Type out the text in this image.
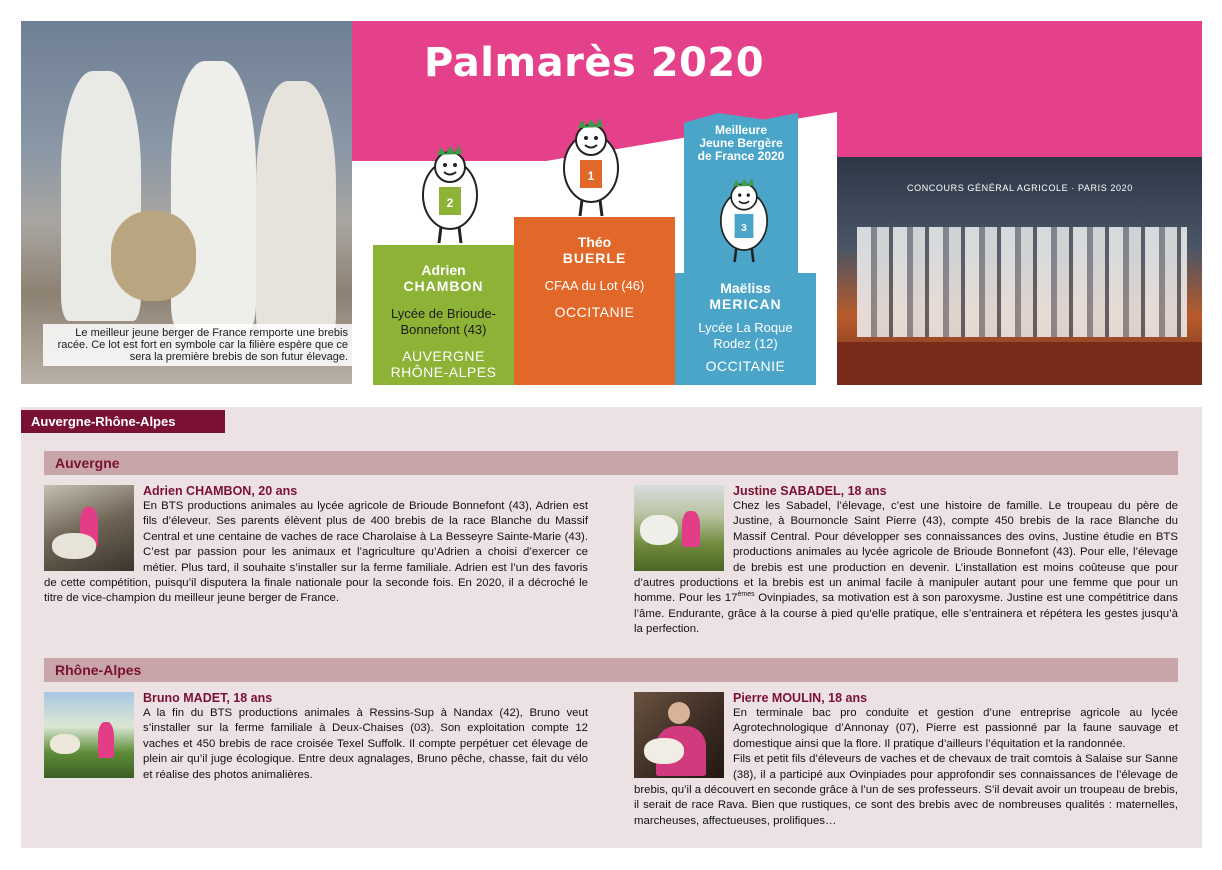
Le meilleur jeune berger de France remporte une brebis racée. Ce lot est fort en symbole car la filière espère que ce sera la première brebis de son futur élevage.
Palmarès 2020
Meilleure
Jeune Bergère
de France 2020
2
1
3
Adrien
CHAMBON
Lycée de Brioude-
Bonnefont (43)
AUVERGNE
RHÔNE-ALPES
Théo
BUERLE
CFAA du Lot (46)
OCCITANIE
Maëliss
MERICAN
Lycée La Roque
Rodez (12)
OCCITANIE
CONCOURS GÉNÉRAL AGRICOLE · PARIS 2020
Auvergne-Rhône-Alpes
Auvergne
Rhône-Alpes
Adrien CHAMBON, 20 ans

En BTS productions animales au lycée agricole de Brioude Bonnefont (43), Adrien est fils d’éleveur. Ses parents élèvent plus de 400 brebis de la race Blanche du Massif Central et une centaine de vaches de race Charolaise à La Besseyre Sainte-Marie (43). C’est par passion pour les animaux et l’agriculture qu’Adrien a choisi d’exercer ce métier. Plus tard, il souhaite s’installer sur la ferme familiale. Adrien est l’un des favoris de cette compétition, puisqu’il disputera la finale nationale pour la seconde fois. En 2020, il a décroché le titre de vice-champion du meilleur jeune berger de France.

Justine SABADEL, 18 ans

Chez les Sabadel, l’élevage, c’est une histoire de famille. Le troupeau du père de Justine, à Bournoncle Saint Pierre (43), compte 450 brebis de la race Blanche du Massif Central. Pour développer ses connaissances des ovins, Justine étudie en BTS productions animales au lycée agricole de Brioude Bonnefont (43). Pour elle, l’élevage de brebis est une production en devenir. L’installation est moins coûteuse que pour d’autres productions et la brebis est un animal facile à manipuler autant pour une femme que pour un homme. Pour les 17èmes Ovinpiades, sa motivation est à son paroxysme. Justine est une compétitrice dans l’âme. Endurante, grâce à la course à pied qu’elle pratique, elle s’entrainera et répétera les gestes jusqu’à la perfection.

Bruno MADET, 18 ans

A la fin du BTS productions animales à Ressins-Sup à Nandax (42), Bruno veut s’installer sur la ferme familiale à Deux-Chaises (03). Son exploitation compte 12 vaches et 450 brebis de race croisée Texel Suffolk. Il compte perpétuer cet élevage de plein air qu’il juge écologique. Entre deux agnalages, Bruno pêche, chasse, fait du vélo et réalise des photos animalières.

Pierre MOULIN, 18 ans

En terminale bac pro conduite et gestion d’une entreprise agricole au lycée Agrotechnologique d’Annonay (07), Pierre est passionné par la faune sauvage et domestique ainsi que la flore. Il pratique d’ailleurs l’équitation et la randonnée.

Fils et petit fils d’éleveurs de vaches et de chevaux de trait comtois à Salaise sur Sanne (38), il a participé aux Ovinpiades pour approfondir ses connaissances de l’élevage de brebis, qu’il a découvert en seconde grâce à l’un de ses professeurs. S’il devait avoir un troupeau de brebis, il serait de race Rava. Bien que rustiques, ce sont des brebis avec de nombreuses qualités : maternelles, marcheuses, affectueuses, prolifiques…
